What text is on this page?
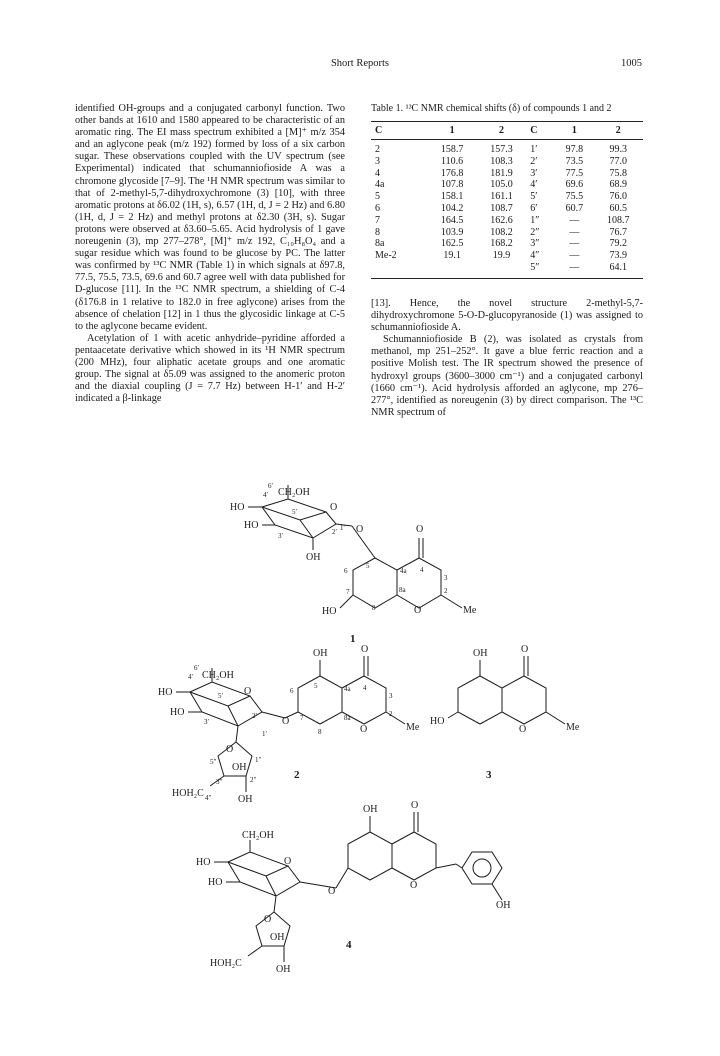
Short Reports	1005

identified OH-groups and a conjugated carbonyl function. Two other bands at 1610 and 1580 appeared to be characteristic of an aromatic ring. The EI mass spectrum exhibited a [M]⁺ m/z 354 and an aglycone peak (m/z 192) formed by loss of a six carbon sugar. These observations coupled with the UV spectrum (see Experimental) indicated that schumanniofioside A was a chromone glycoside [7–9]. The ¹H NMR spectrum was similar to that of 2-methyl-5,7-dihydroxychromone (3) [10], with three aromatic protons at δ6.02 (1H, s), 6.57 (1H, d, J = 2 Hz) and 6.80 (1H, d, J = 2 Hz) and methyl protons at δ2.30 (3H, s). Sugar protons were observed at δ3.60–5.65. Acid hydrolysis of 1 gave noreugenin (3), mp 277–278°, [M]⁺ m/z 192, C₁₀H₈O₄ and a sugar residue which was found to be glucose by PC. The latter was confirmed by ¹³C NMR (Table 1) in which signals at δ97.8, 77.5, 75.5, 73.5, 69.6 and 60.7 agree well with data published for D-glucose [11]. In the ¹³C NMR spectrum, a shielding of C-4 (δ176.8 in 1 relative to 182.0 in free aglycone) arises from the absence of chelation [12] in 1 thus the glycosidic linkage at C-5 to the aglycone became evident.

Acetylation of 1 with acetic anhydride–pyridine afforded a pentaacetate derivative which showed in its ¹H NMR spectrum (200 MHz), four aliphatic acetate groups and one aromatic group. The signal at δ5.09 was assigned to the anomeric proton and the diaxial coupling (J = 7.7 Hz) between H-1′ and H-2′ indicated a β-linkage

Table 1. ¹³C NMR chemical shifts (δ) of compounds 1 and 2

C	1	2	C	1	2
2	158.7	157.3	1′	97.8	99.3
3	110.6	108.3	2′	73.5	77.0
4	176.8	181.9	3′	77.5	75.8
4a	107.8	105.0	4′	69.6	68.9
5	158.1	161.1	5′	75.5	76.0
6	104.2	108.7	6′	60.7	60.5
7	164.5	162.6	1″	—	108.7
8	103.9	108.2	2″	—	76.7
8a	162.5	168.2	3″	—	79.2
Me-2	19.1	19.9	4″	—	73.9
			5″	—	64.1

[13]. Hence, the novel structure 2-methyl-5,7-dihydroxychromone 5-O-D-glucopyranoside (1) was assigned to schumanniofioside A.

Schumanniofioside B (2), was isolated as crystals from methanol, mp 251–252°. It gave a blue ferric reaction and a positive Molish test. The IR spectrum showed the presence of hydroxyl groups (3600–3000 cm⁻¹) and a conjugated carbonyl (1660 cm⁻¹). Acid hydrolysis afforded an aglycone, mp 276–277°, identified as noreugenin (3) by direct comparison. The ¹³C NMR spectrum of

6′
4′ CH₂OH
HO	O
5′
2′
HO
3′
1′ O	O
OH
5
4a 4
3
6
2
7	8a
HO	8	O	Me
1
OH	O
5	4a 4
6′
4′ CH₂OH
6
3
HO	5′ O
2′
HO
3′	O 7
8
8a
O
2
Me
1′
O
5″ OH
1″
2″
3″
HOH₂C 4″	OH
2
OH	O
HO
O	Me
3
OH	O
CH₂OH
HO	O
HO
O
O
OH
O
OH
HOH₂C
OH
4
